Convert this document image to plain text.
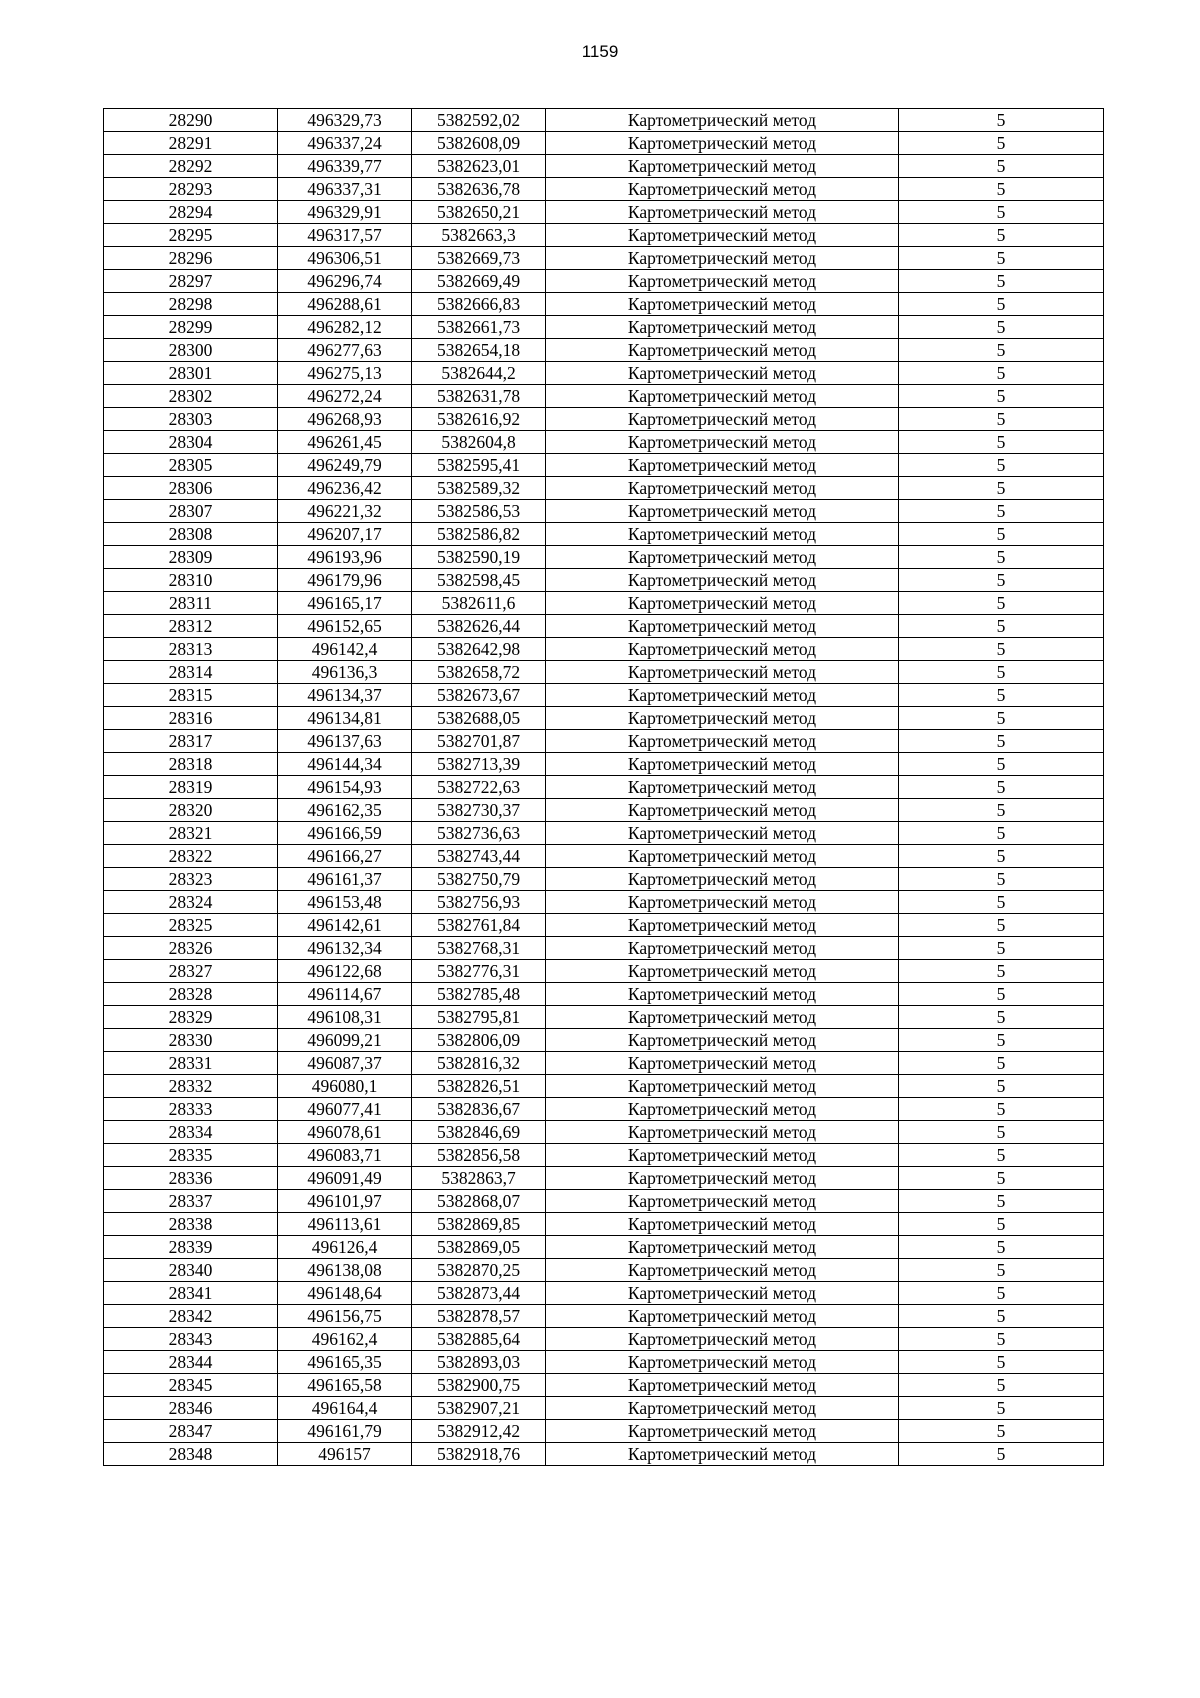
1159
28290	496329,73	5382592,02	Картометрический метод	5
28291	496337,24	5382608,09	Картометрический метод	5
28292	496339,77	5382623,01	Картометрический метод	5
28293	496337,31	5382636,78	Картометрический метод	5
28294	496329,91	5382650,21	Картометрический метод	5
28295	496317,57	5382663,3	Картометрический метод	5
28296	496306,51	5382669,73	Картометрический метод	5
28297	496296,74	5382669,49	Картометрический метод	5
28298	496288,61	5382666,83	Картометрический метод	5
28299	496282,12	5382661,73	Картометрический метод	5
28300	496277,63	5382654,18	Картометрический метод	5
28301	496275,13	5382644,2	Картометрический метод	5
28302	496272,24	5382631,78	Картометрический метод	5
28303	496268,93	5382616,92	Картометрический метод	5
28304	496261,45	5382604,8	Картометрический метод	5
28305	496249,79	5382595,41	Картометрический метод	5
28306	496236,42	5382589,32	Картометрический метод	5
28307	496221,32	5382586,53	Картометрический метод	5
28308	496207,17	5382586,82	Картометрический метод	5
28309	496193,96	5382590,19	Картометрический метод	5
28310	496179,96	5382598,45	Картометрический метод	5
28311	496165,17	5382611,6	Картометрический метод	5
28312	496152,65	5382626,44	Картометрический метод	5
28313	496142,4	5382642,98	Картометрический метод	5
28314	496136,3	5382658,72	Картометрический метод	5
28315	496134,37	5382673,67	Картометрический метод	5
28316	496134,81	5382688,05	Картометрический метод	5
28317	496137,63	5382701,87	Картометрический метод	5
28318	496144,34	5382713,39	Картометрический метод	5
28319	496154,93	5382722,63	Картометрический метод	5
28320	496162,35	5382730,37	Картометрический метод	5
28321	496166,59	5382736,63	Картометрический метод	5
28322	496166,27	5382743,44	Картометрический метод	5
28323	496161,37	5382750,79	Картометрический метод	5
28324	496153,48	5382756,93	Картометрический метод	5
28325	496142,61	5382761,84	Картометрический метод	5
28326	496132,34	5382768,31	Картометрический метод	5
28327	496122,68	5382776,31	Картометрический метод	5
28328	496114,67	5382785,48	Картометрический метод	5
28329	496108,31	5382795,81	Картометрический метод	5
28330	496099,21	5382806,09	Картометрический метод	5
28331	496087,37	5382816,32	Картометрический метод	5
28332	496080,1	5382826,51	Картометрический метод	5
28333	496077,41	5382836,67	Картометрический метод	5
28334	496078,61	5382846,69	Картометрический метод	5
28335	496083,71	5382856,58	Картометрический метод	5
28336	496091,49	5382863,7	Картометрический метод	5
28337	496101,97	5382868,07	Картометрический метод	5
28338	496113,61	5382869,85	Картометрический метод	5
28339	496126,4	5382869,05	Картометрический метод	5
28340	496138,08	5382870,25	Картометрический метод	5
28341	496148,64	5382873,44	Картометрический метод	5
28342	496156,75	5382878,57	Картометрический метод	5
28343	496162,4	5382885,64	Картометрический метод	5
28344	496165,35	5382893,03	Картометрический метод	5
28345	496165,58	5382900,75	Картометрический метод	5
28346	496164,4	5382907,21	Картометрический метод	5
28347	496161,79	5382912,42	Картометрический метод	5
28348	496157	5382918,76	Картометрический метод	5
